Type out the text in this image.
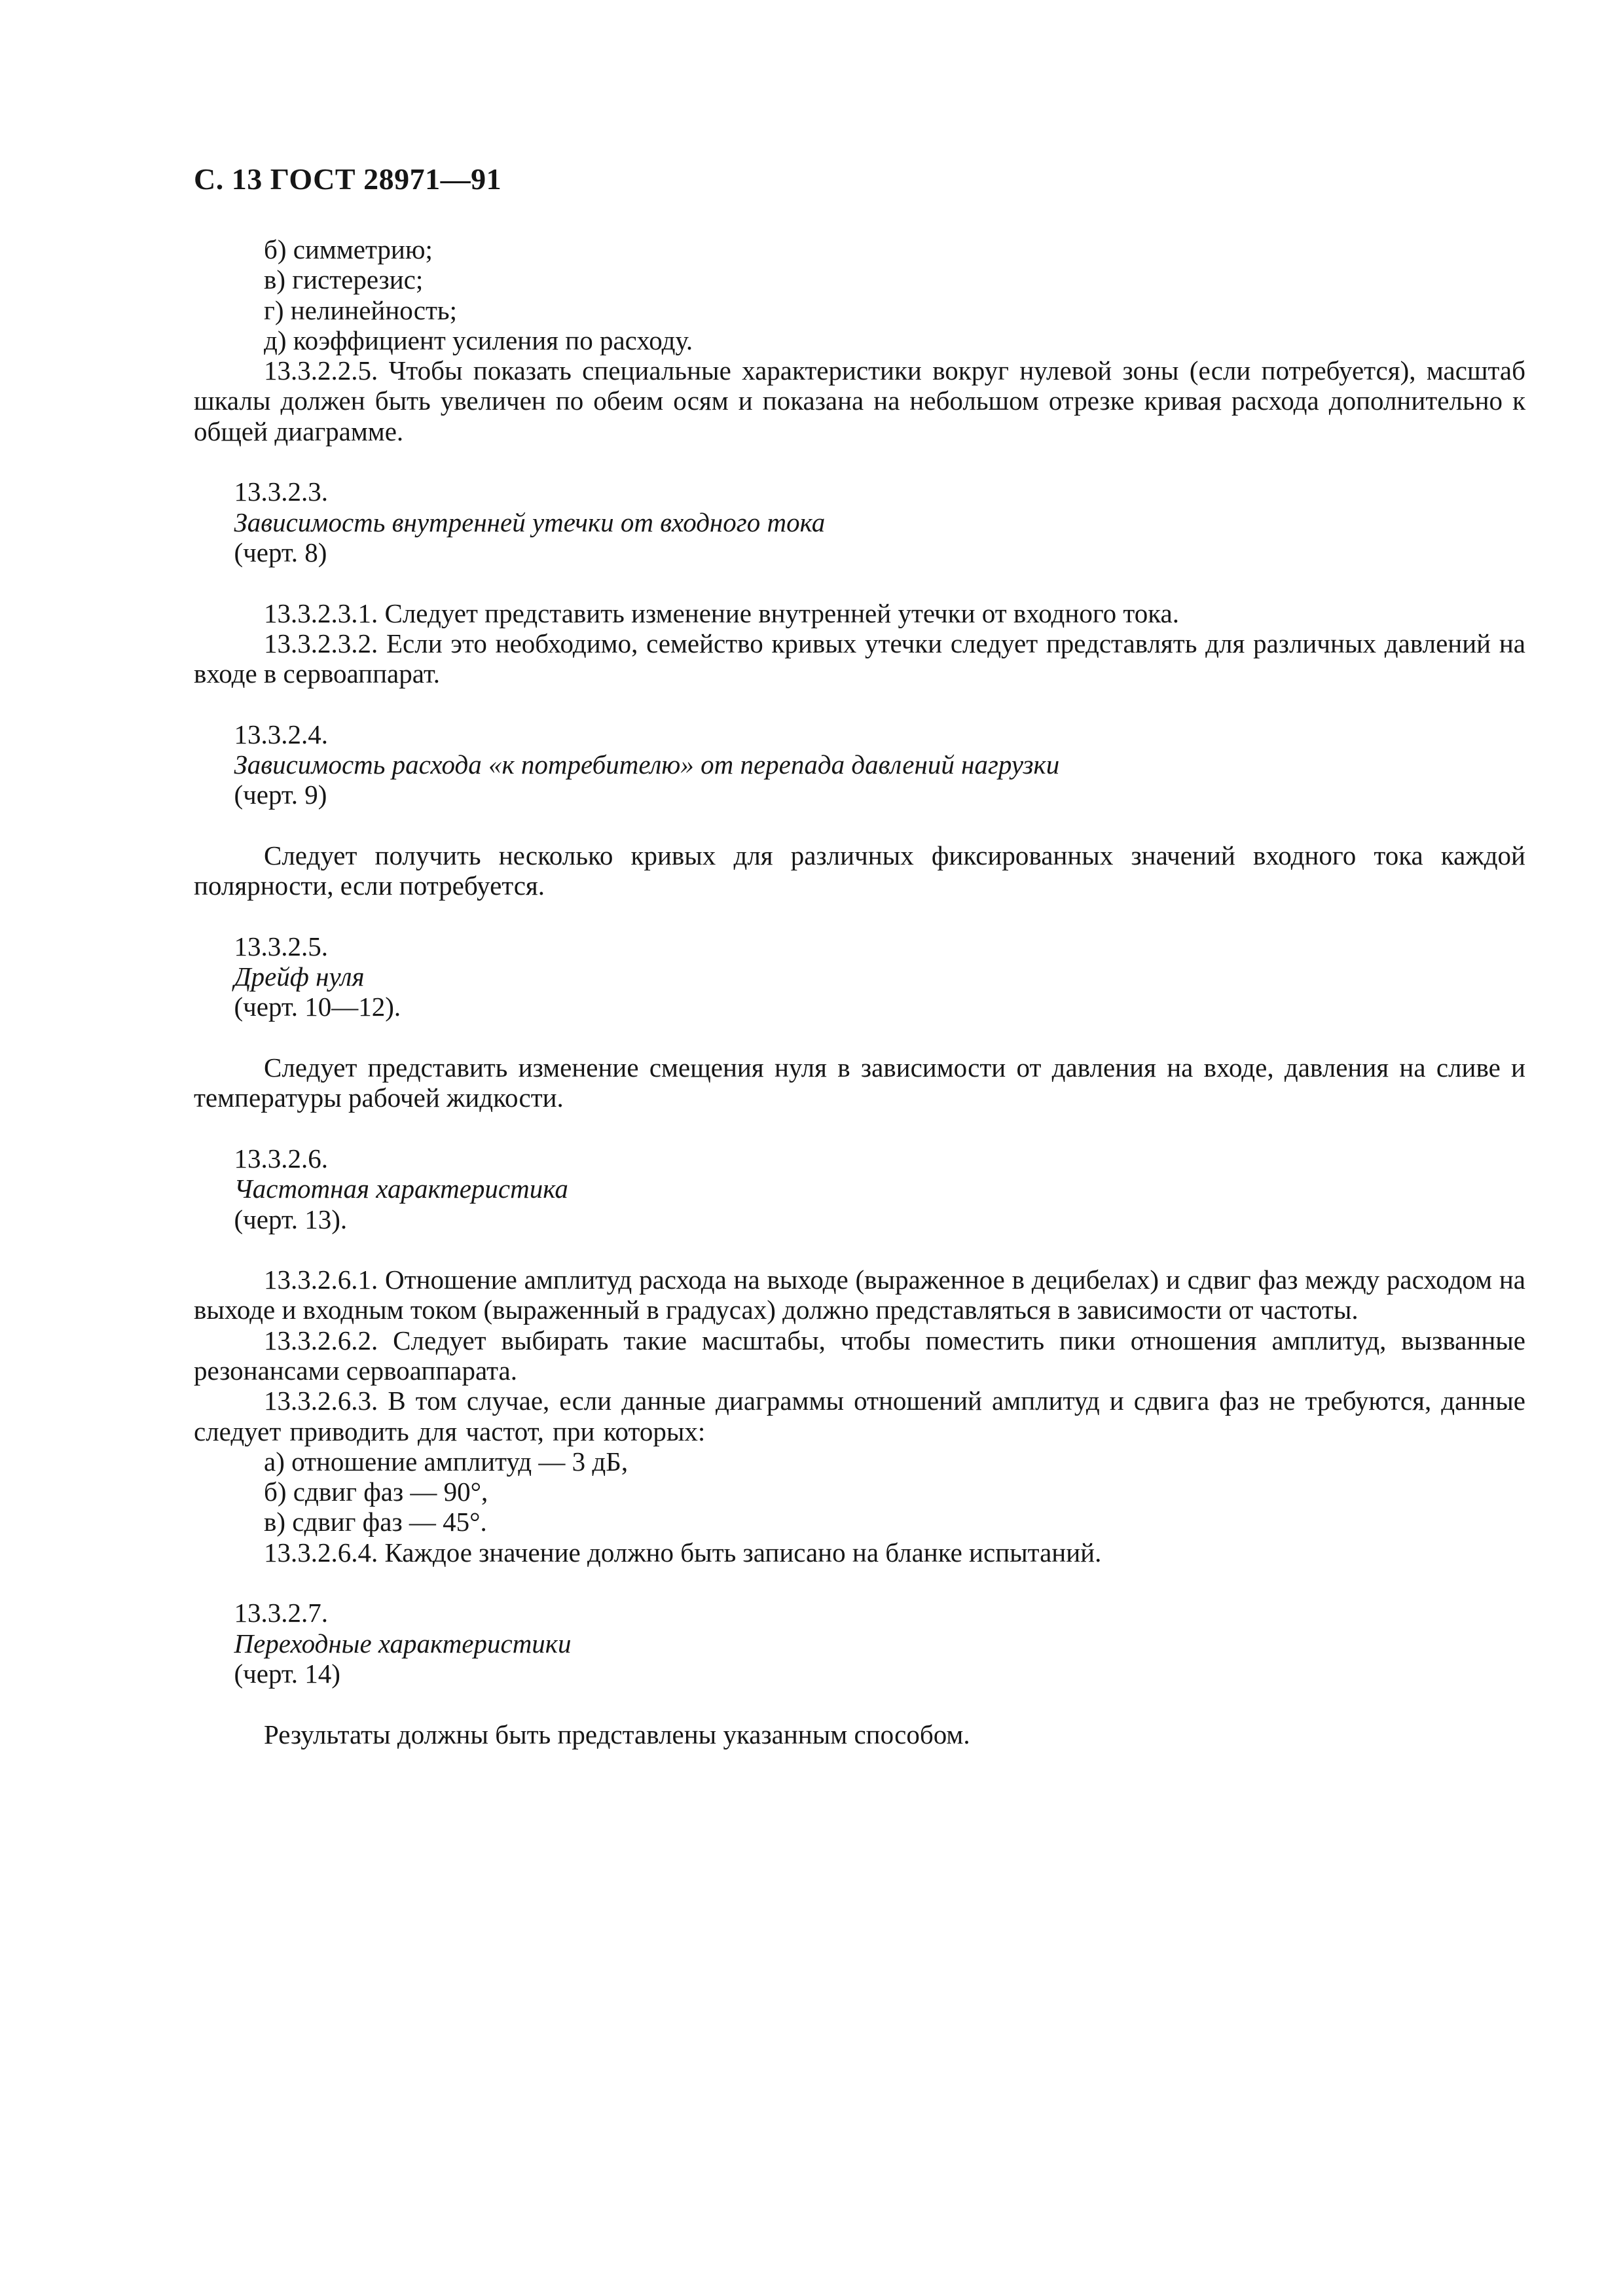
С. 13 ГОСТ 28971—91

б) симметрию;

в) гистерезис;

г) нелинейность;

д) коэффициент усиления по расходу.

13.3.2.2.5. Чтобы показать специальные характеристики вокруг нулевой зоны (если потребуется), масштаб шкалы должен быть увеличен по обеим осям и показана на небольшом отрезке кривая расхода дополнительно к общей диаграмме.

13.3.2.3.
Зависимость внутренней утечки от входного тока
(черт. 8)

13.3.2.3.1. Следует представить изменение внутренней утечки от входного тока.

13.3.2.3.2. Если это необходимо, семейство кривых утечки следует представлять для различных давлений на входе в сервоаппарат.

13.3.2.4.
Зависимость расхода «к потребителю» от перепада давлений нагрузки
(черт. 9)

Следует получить несколько кривых для различных фиксированных значений входного тока каждой полярности, если потребуется.

13.3.2.5.
Дрейф нуля
(черт. 10—12).

Следует представить изменение смещения нуля в зависимости от давления на входе, давления на сливе и температуры рабочей жидкости.

13.3.2.6.
Частотная характеристика
(черт. 13).

13.3.2.6.1. Отношение амплитуд расхода на выходе (выраженное в децибелах) и сдвиг фаз между расходом на выходе и входным током (выраженный в градусах) должно представляться в зависимости от частоты.

13.3.2.6.2. Следует выбирать такие масштабы, чтобы поместить пики отношения амплитуд, вызванные резонансами сервоаппарата.

13.3.2.6.3. В том случае, если данные диаграммы отношений амплитуд и сдвига фаз не требуются, данные следует приводить для частот, при которых:

а) отношение амплитуд — 3 дБ,

б) сдвиг фаз — 90°,

в) сдвиг фаз — 45°.

13.3.2.6.4. Каждое значение должно быть записано на бланке испытаний.

13.3.2.7.
Переходные характеристики
(черт. 14)

Результаты должны быть представлены указанным способом.
